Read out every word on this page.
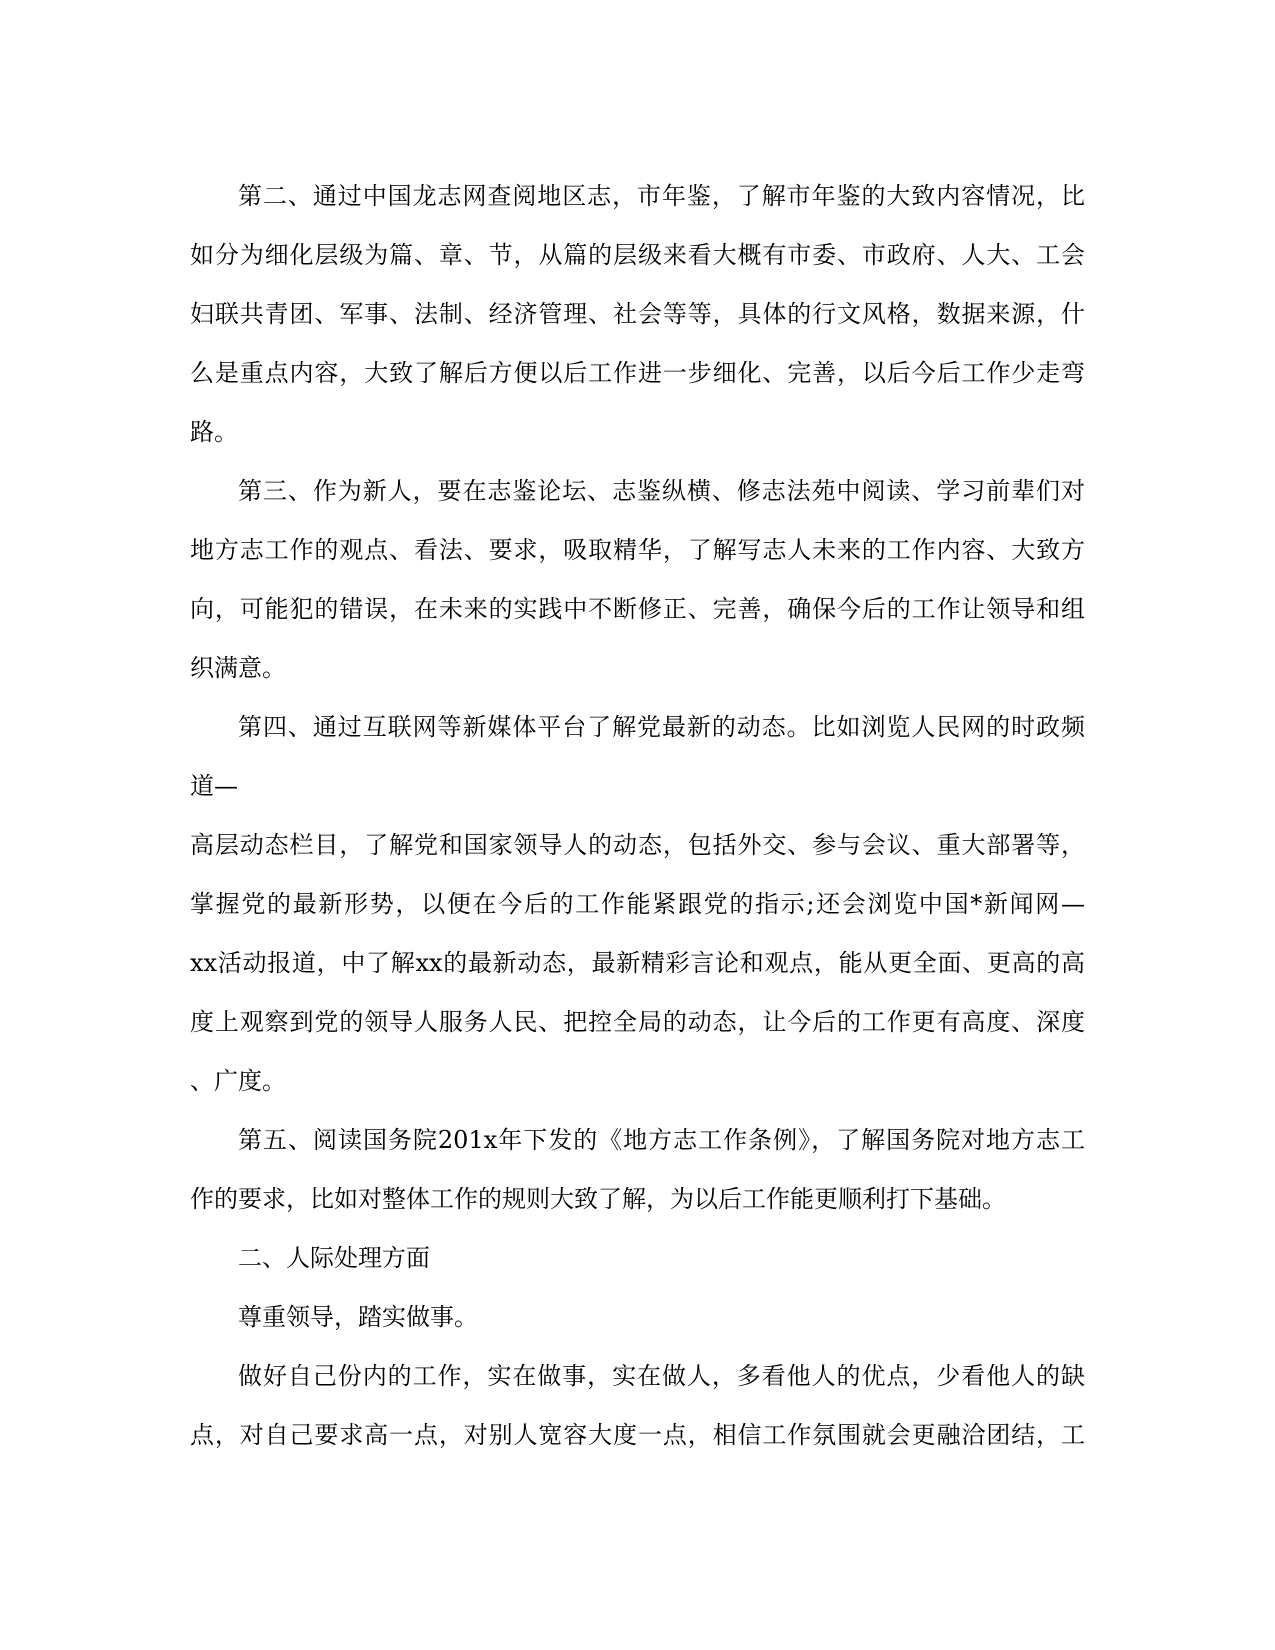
第二、通过中国龙志网查阅地区志，市年鉴，了解市年鉴的大致内容情况，比
如分为细化层级为篇、章、节，从篇的层级来看大概有市委、市政府、人大、工会
妇联共青团、军事、法制、经济管理、社会等等，具体的行文风格，数据来源，什
么是重点内容，大致了解后方便以后工作进一步细化、完善，以后今后工作少走弯
路。
第三、作为新人，要在志鉴论坛、志鉴纵横、修志法苑中阅读、学习前辈们对
地方志工作的观点、看法、要求，吸取精华，了解写志人未来的工作内容、大致方
向，可能犯的错误，在未来的实践中不断修正、完善，确保今后的工作让领导和组
织满意。
第四、通过互联网等新媒体平台了解党最新的动态。比如浏览人民网的时政频
道—
高层动态栏目，了解党和国家领导人的动态，包括外交、参与会议、重大部署等，
掌握党的最新形势，以便在今后的工作能紧跟党的指示;还会浏览中国*新闻网—
xx活动报道，中了解xx的最新动态，最新精彩言论和观点，能从更全面、更高的高
度上观察到党的领导人服务人民、把控全局的动态，让今后的工作更有高度、深度
、广度。
第五、阅读国务院201x年下发的《地方志工作条例》，了解国务院对地方志工
作的要求，比如对整体工作的规则大致了解，为以后工作能更顺利打下基础。
二、人际处理方面
尊重领导，踏实做事。
做好自己份内的工作，实在做事，实在做人，多看他人的优点，少看他人的缺
点，对自己要求高一点，对别人宽容大度一点，相信工作氛围就会更融洽团结，工
